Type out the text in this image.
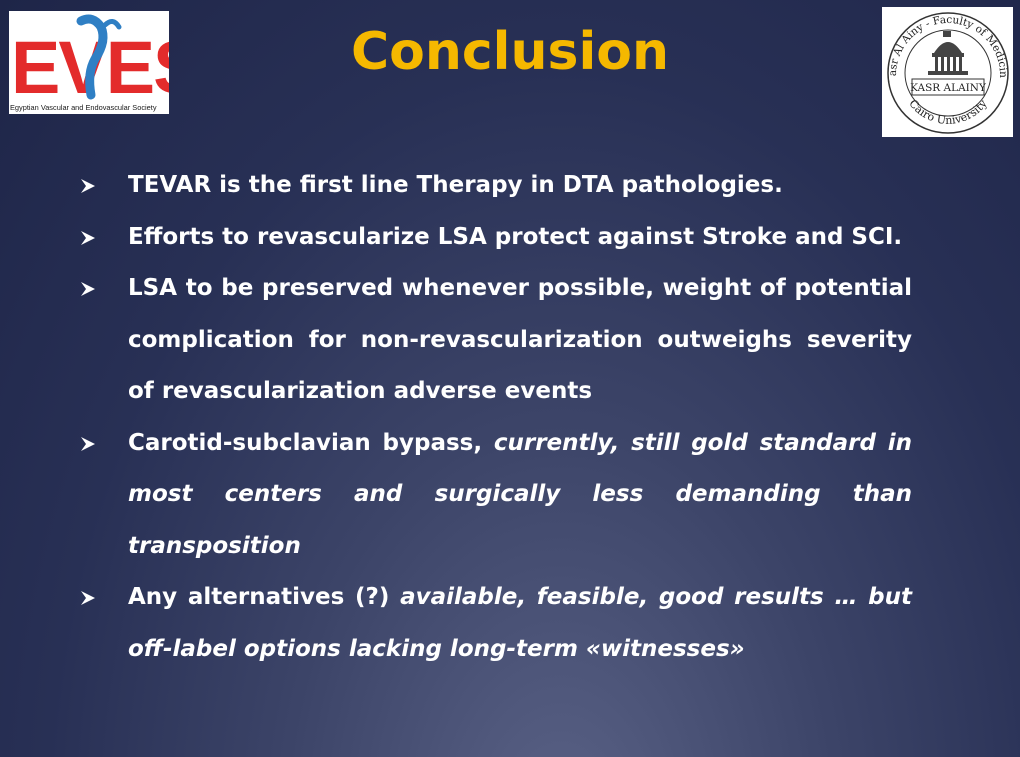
EVE
Egyptian Vascular and Endovascular Society
asr Al Ainy - Faculty of Medicin
Cairo University
KASR ALAINY
Conclusion
TEVAR is the first line Therapy in DTA pathologies.
Efforts to revascularize LSA protect against Stroke and SCI.
LSA to be preserved whenever possible, weight of potential complication for non-revascularization outweighs severity of revascularization adverse events
Carotid-subclavian bypass, currently, still gold standard in most centers and surgically less demanding than transposition
Any alternatives (?) available, feasible, good results … but off-label options lacking long-term «witnesses»
